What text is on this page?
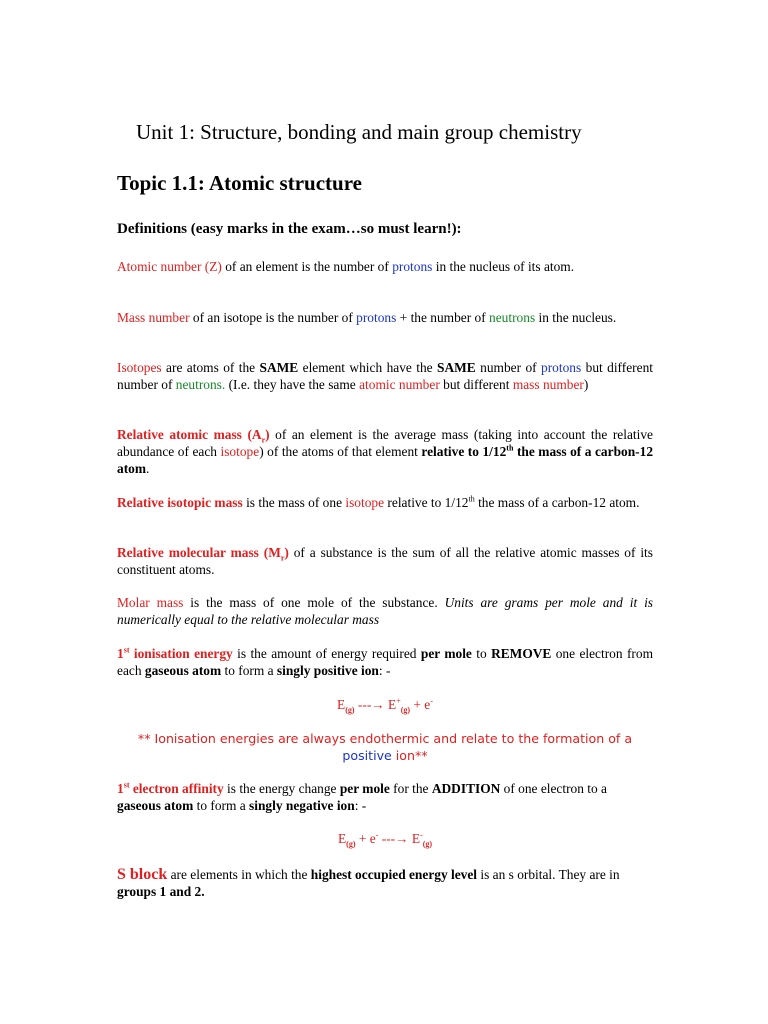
Unit 1: Structure, bonding and main group chemistry
Topic 1.1: Atomic structure
Definitions (easy marks in the exam…so must learn!):
Atomic number (Z) of an element is the number of protons in the nucleus of its atom.
Mass number of an isotope is the number of protons + the number of neutrons in the nucleus.
Isotopes are atoms of the SAME element which have the SAME number of protons but different number of neutrons. (I.e. they have the same atomic number but different mass number)
Relative atomic mass $(A_r)$ of an element is the average mass (taking into account the relative abundance of each isotope) of the atoms of that element relative to 1/12th the mass of a carbon-12 atom.
Relative isotopic mass is the mass of one isotope relative to 1/12th the mass of a carbon-12 atom.
Relative molecular mass $(M_r)$ of a substance is the sum of all the relative atomic masses of its constituent atoms.
Molar mass is the mass of one mole of the substance. Units are grams per mole and it is numerically equal to the relative molecular mass
1st ionisation energy is the amount of energy required per mole to REMOVE one electron from each gaseous atom to form a singly positive ion: -
$E_{(g)}$ ---→ $E^+_{(g)} + e^-$
** Ionisation energies are always endothermic and relate to the formation of a positive ion**
1st electron affinity is the energy change per mole for the ADDITION of one electron to a gaseous atom to form a singly negative ion: -
$E_{(g)} + e^-$ ---→ $E^-_{(g)}$
S block are elements in which the highest occupied energy level is an s orbital. They are in groups 1 and 2.
